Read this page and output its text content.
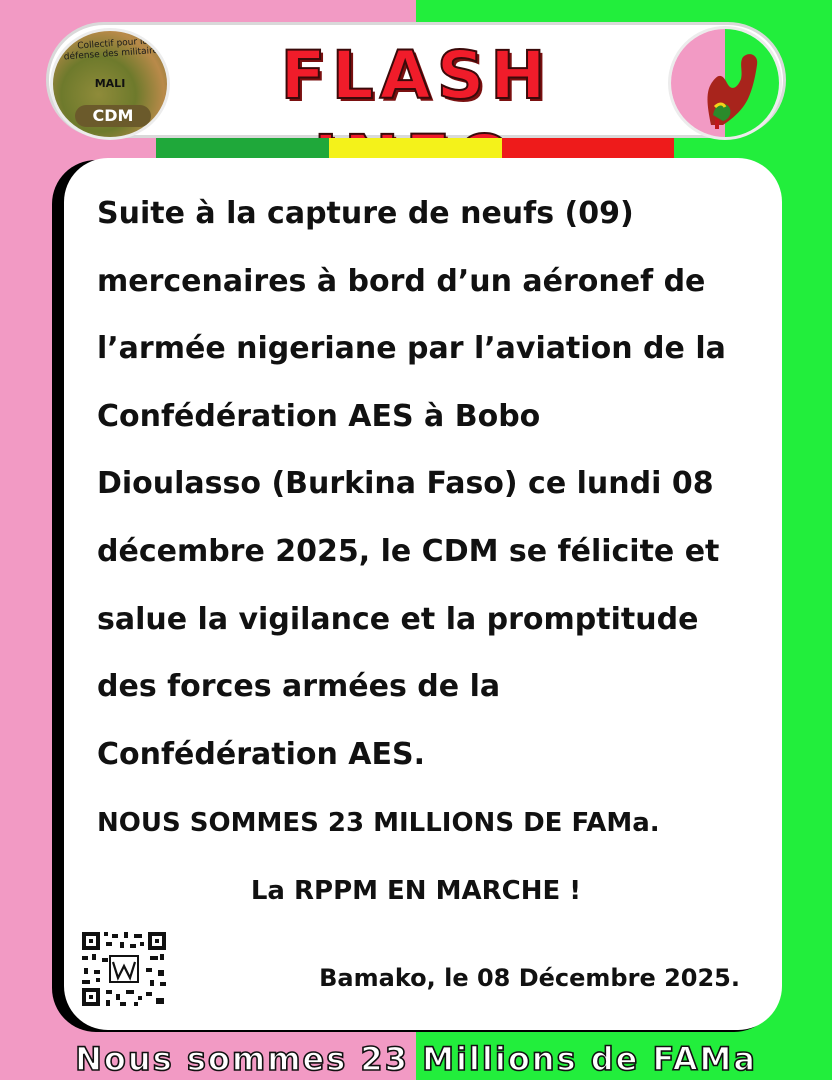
Collectif pour la défense des militaires
MALI
CDM
FLASH

Suite à la capture de neufs (09)
mercenaires à bord d’un aéronef de
l’armée nigeriane par l’aviation de la
Confédération AES à Bobo
Dioulasso (Burkina Faso) ce lundi 08
décembre 2025, le CDM se félicite et
salue la vigilance et la promptitude
des forces armées de la
Confédération AES.

NOUS SOMMES 23 MILLIONS DE FAMa.
La RPPM EN MARCHE !
Bamako, le 08 Décembre 2025.
Nous sommes 23 Millions de FAMa
